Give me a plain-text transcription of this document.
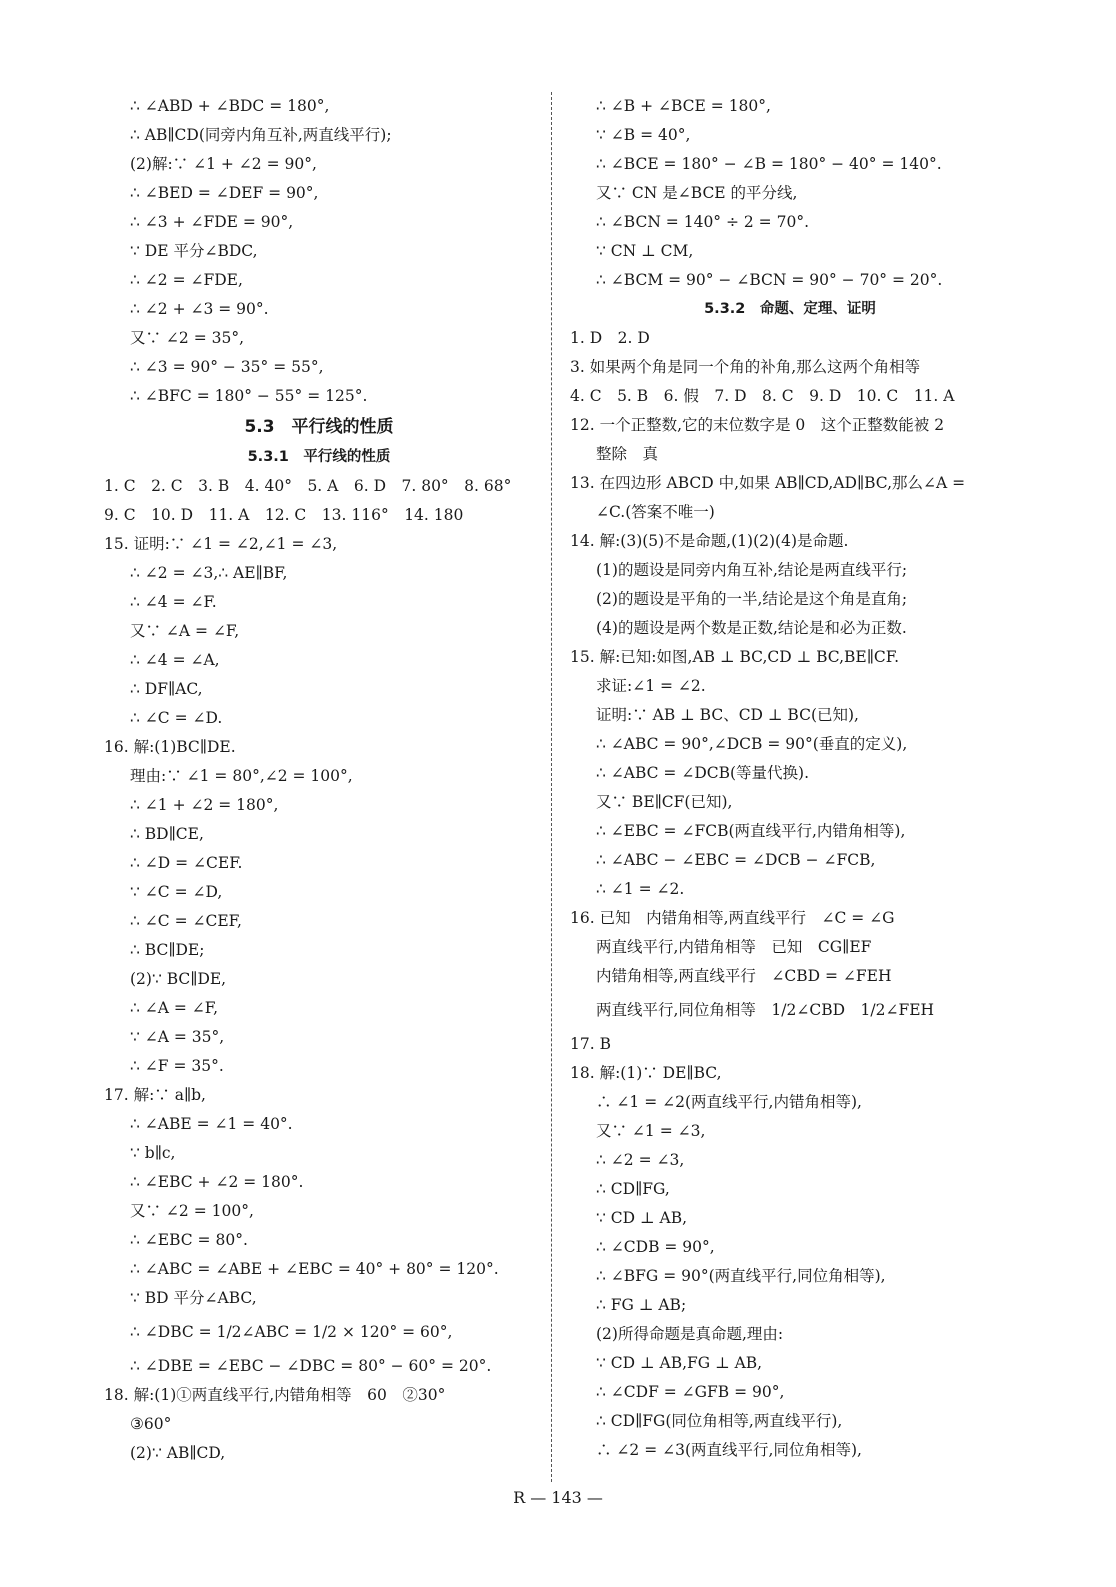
∴ ∠ABD + ∠BDC = 180°,
∴ AB∥CD(同旁内角互补,两直线平行);
(2)解:∵ ∠1 + ∠2 = 90°,
∴ ∠BED = ∠DEF = 90°,
∴ ∠3 + ∠FDE = 90°,
∵ DE 平分∠BDC,
∴ ∠2 = ∠FDE,
∴ ∠2 + ∠3 = 90°.
又∵ ∠2 = 35°,
∴ ∠3 = 90° − 35° = 55°,
∴ ∠BFC = 180° − 55° = 125°.
5.3　平行线的性质
5.3.1　平行线的性质
1. C　2. C　3. B　4. 40°　5. A　6. D　7. 80°　8. 68°
9. C　10. D　11. A　12. C　13. 116°　14. 180
15. 证明:∵ ∠1 = ∠2,∠1 = ∠3,
∴ ∠2 = ∠3,∴ AE∥BF,
∴ ∠4 = ∠F.
又∵ ∠A = ∠F,
∴ ∠4 = ∠A,
∴ DF∥AC,
∴ ∠C = ∠D.
16. 解:(1)BC∥DE.
理由:∵ ∠1 = 80°,∠2 = 100°,
∴ ∠1 + ∠2 = 180°,
∴ BD∥CE,
∴ ∠D = ∠CEF.
∵ ∠C = ∠D,
∴ ∠C = ∠CEF,
∴ BC∥DE;
(2)∵ BC∥DE,
∴ ∠A = ∠F,
∵ ∠A = 35°,
∴ ∠F = 35°.
17. 解:∵ a∥b,
∴ ∠ABE = ∠1 = 40°.
∵ b∥c,
∴ ∠EBC + ∠2 = 180°.
又∵ ∠2 = 100°,
∴ ∠EBC = 80°.
∴ ∠ABC = ∠ABE + ∠EBC = 40° + 80° = 120°.
∵ BD 平分∠ABC,
∴ ∠DBC = 1/2∠ABC = 1/2 × 120° = 60°,
∴ ∠DBE = ∠EBC − ∠DBC = 80° − 60° = 20°.
18. 解:(1)①两直线平行,内错角相等　60　②30°
③60°
(2)∵ AB∥CD,
∴ ∠B + ∠BCE = 180°,
∵ ∠B = 40°,
∴ ∠BCE = 180° − ∠B = 180° − 40° = 140°.
又∵ CN 是∠BCE 的平分线,
∴ ∠BCN = 140° ÷ 2 = 70°.
∵ CN ⊥ CM,
∴ ∠BCM = 90° − ∠BCN = 90° − 70° = 20°.
5.3.2　命题、定理、证明
1. D　2. D
3. 如果两个角是同一个角的补角,那么这两个角相等
4. C　5. B　6. 假　7. D　8. C　9. D　10. C　11. A
12. 一个正整数,它的末位数字是 0　这个正整数能被 2
整除　真
13. 在四边形 ABCD 中,如果 AB∥CD,AD∥BC,那么∠A =
∠C.(答案不唯一)
14. 解:(3)(5)不是命题,(1)(2)(4)是命题.
(1)的题设是同旁内角互补,结论是两直线平行;
(2)的题设是平角的一半,结论是这个角是直角;
(4)的题设是两个数是正数,结论是和必为正数.
15. 解:已知:如图,AB ⊥ BC,CD ⊥ BC,BE∥CF.
求证:∠1 = ∠2.
证明:∵ AB ⊥ BC、CD ⊥ BC(已知),
∴ ∠ABC = 90°,∠DCB = 90°(垂直的定义),
∴ ∠ABC = ∠DCB(等量代换).
又∵ BE∥CF(已知),
∴ ∠EBC = ∠FCB(两直线平行,内错角相等),
∴ ∠ABC − ∠EBC = ∠DCB − ∠FCB,
∴ ∠1 = ∠2.
16. 已知　内错角相等,两直线平行　∠C = ∠G
两直线平行,内错角相等　已知　CG∥EF
内错角相等,两直线平行　∠CBD = ∠FEH
两直线平行,同位角相等　1/2∠CBD　1/2∠FEH
17. B
18. 解:(1)∵ DE∥BC,
∴ ∠1 = ∠2(两直线平行,内错角相等),
又∵ ∠1 = ∠3,
∴ ∠2 = ∠3,
∴ CD∥FG,
∵ CD ⊥ AB,
∴ ∠CDB = 90°,
∴ ∠BFG = 90°(两直线平行,同位角相等),
∴ FG ⊥ AB;
(2)所得命题是真命题,理由:
∵ CD ⊥ AB,FG ⊥ AB,
∴ ∠CDF = ∠GFB = 90°,
∴ CD∥FG(同位角相等,两直线平行),
∴ ∠2 = ∠3(两直线平行,同位角相等),
R — 143 —
